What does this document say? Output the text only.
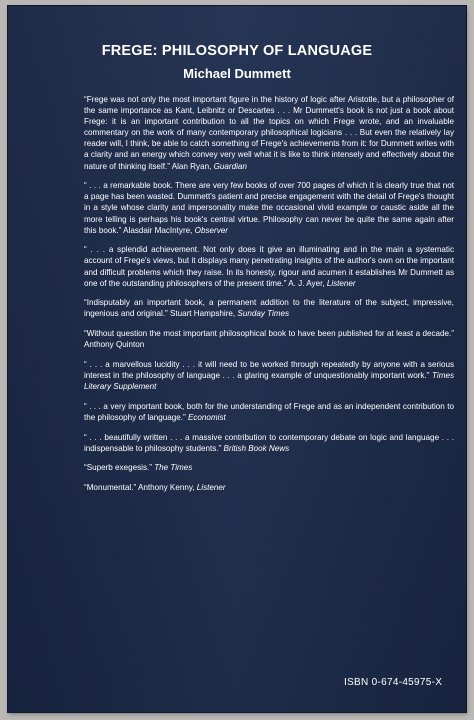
FREGE: PHILOSOPHY OF LANGUAGE
Michael Dummett

“Frege was not only the most important figure in the history of logic after Aristotle, but a philosopher of the same importance as Kant, Leibnitz or Descartes . . . Mr Dummett's book is not just a book about Frege: it is an important contribution to all the topics on which Frege wrote, and an invaluable commentary on the work of many contemporary philosophical logicians . . . But even the relatively lay reader will, I think, be able to catch something of Frege's achievements from it: for Dummett writes with a clarity and an energy which convey very well what it is like to think intensely and effectively about the nature of thinking itself.” Alan Ryan, Guardian

“ . . . a remarkable book. There are very few books of over 700 pages of which it is clearly true that not a page has been wasted. Dummett's patient and precise engagement with the detail of Frege's thought in a style whose clarity and impersonality make the occasional vivid example or caustic aside all the more telling is perhaps his book's central virtue. Philosophy can never be quite the same again after this book.” Alasdair MacIntyre, Observer

“ . . . a splendid achievement. Not only does it give an illuminating and in the main a systematic account of Frege's views, but it displays many penetrating insights of the author's own on the important and difficult problems which they raise. In its honesty, rigour and acumen it establishes Mr Dummett as one of the outstanding philosophers of the present time.” A. J. Ayer, Listener

“Indisputably an important book, a permanent addition to the literature of the subject, impressive, ingenious and original.” Stuart Hampshire, Sunday Times

“Without question the most important philosophical book to have been published for at least a decade.” Anthony Quinton

“ . . . a marvellous lucidity . . . it will need to be worked through repeatedly by anyone with a serious interest in the philosophy of language . . . a glaring example of unquestionably important work.” Times Literary Supplement

“ . . . a very important book, both for the understanding of Frege and as an independent contribution to the philosophy of language.” Economist

“ . . . beautifully written . . . a massive contribution to contemporary debate on logic and language . . . indispensable to philosophy students.” British Book News

“Superb exegesis.” The Times

“Monumental.” Anthony Kenny, Listener

ISBN 0-674-45975-X
